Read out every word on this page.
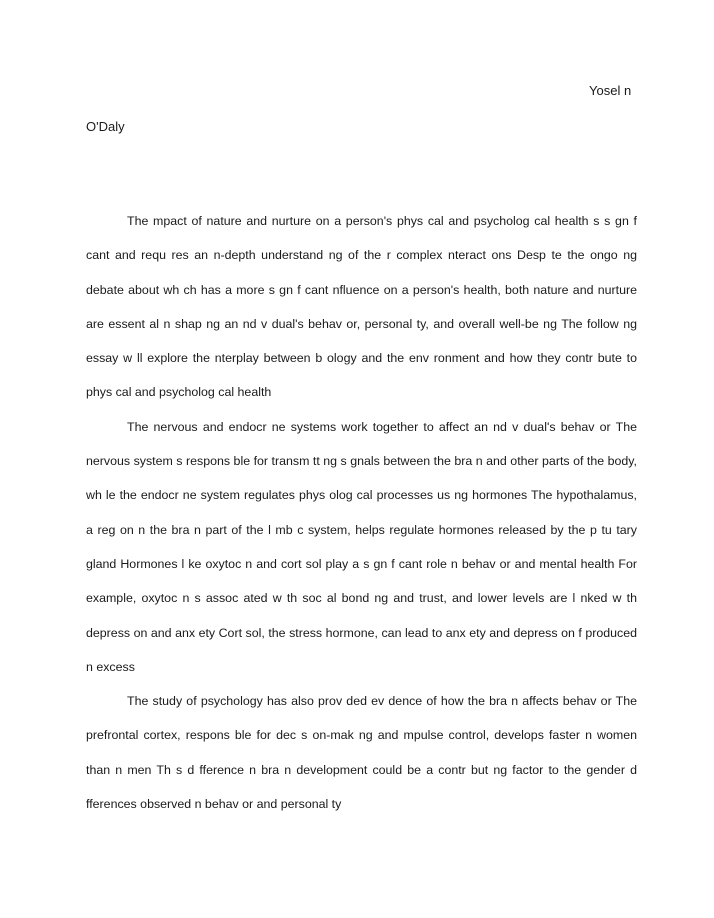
Yosel n
O'Daly

The mpact of nature and nurture on a person's phys cal and psycholog cal health s s gn f cant and requ res an n-depth understand ng of the r complex nteract ons Desp te the ongo ng debate about wh ch has a more s gn f cant nfluence on a person's health, both nature and nurture are essent al n shap ng an nd v dual's behav or, personal ty, and overall well-be ng The follow ng essay w ll explore the nterplay between b ology and the env ronment and how they contr bute to phys cal and psycholog cal health

The nervous and endocr ne systems work together to affect an nd v dual's behav or The nervous system s respons ble for transm tt ng s gnals between the bra n and other parts of the body, wh le the endocr ne system regulates phys olog cal processes us ng hormones The hypothalamus, a reg on n the bra n part of the l mb c system, helps regulate hormones released by the p tu tary gland Hormones l ke oxytoc n and cort sol play a s gn f cant role n behav or and mental health For example, oxytoc n s assoc ated w th soc al bond ng and trust, and lower levels are l nked w th depress on and anx ety Cort sol, the stress hormone, can lead to anx ety and depress on f produced n excess

The study of psychology has also prov ded ev dence of how the bra n affects behav or The prefrontal cortex, respons ble for dec s on-mak ng and mpulse control, develops faster n women than n men Th s d fference n bra n development could be a contr but ng factor to the gender d fferences observed n behav or and personal ty
